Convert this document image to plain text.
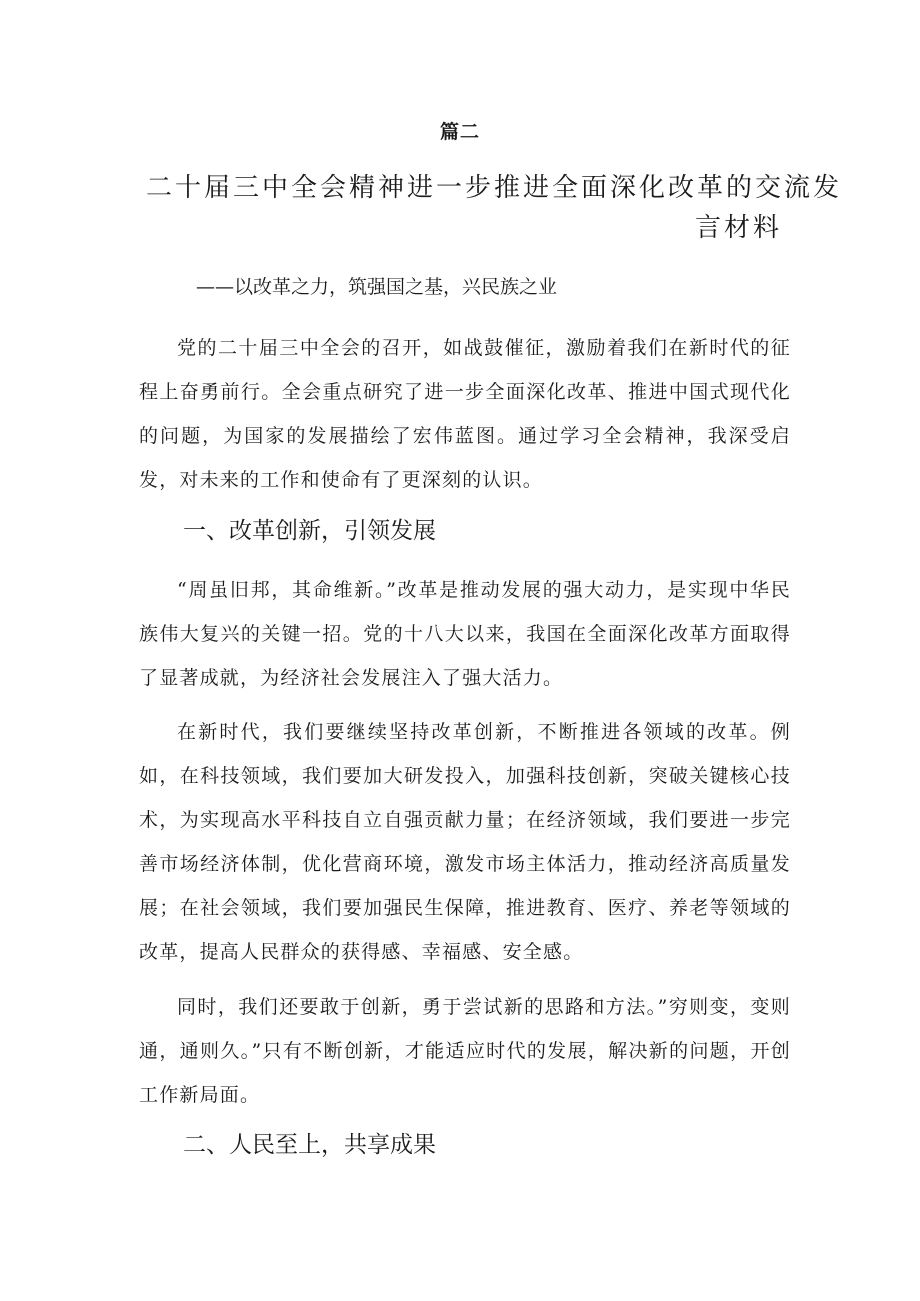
篇二
二十届三中全会精神进一步推进全面深化改革的交流发
言材料
——以改革之力，筑强国之基，兴民族之业

党的二十届三中全会的召开，如战鼓催征，激励着我们在新时代的征程上奋勇前行。全会重点研究了进一步全面深化改革、推进中国式现代化的问题，为国家的发展描绘了宏伟蓝图。通过学习全会精神，我深受启发，对未来的工作和使命有了更深刻的认识。

一、改革创新，引领发展

“周虽旧邦，其命维新。”改革是推动发展的强大动力，是实现中华民族伟大复兴的关键一招。党的十八大以来，我国在全面深化改革方面取得了显著成就，为经济社会发展注入了强大活力。

在新时代，我们要继续坚持改革创新，不断推进各领域的改革。例如，在科技领域，我们要加大研发投入，加强科技创新，突破关键核心技术，为实现高水平科技自立自强贡献力量；在经济领域，我们要进一步完善市场经济体制，优化营商环境，激发市场主体活力，推动经济高质量发展；在社会领域，我们要加强民生保障，推进教育、医疗、养老等领域的改革，提高人民群众的获得感、幸福感、安全感。

同时，我们还要敢于创新，勇于尝试新的思路和方法。”穷则变，变则通，通则久。”只有不断创新，才能适应时代的发展，解决新的问题，开创工作新局面。

二、人民至上，共享成果
